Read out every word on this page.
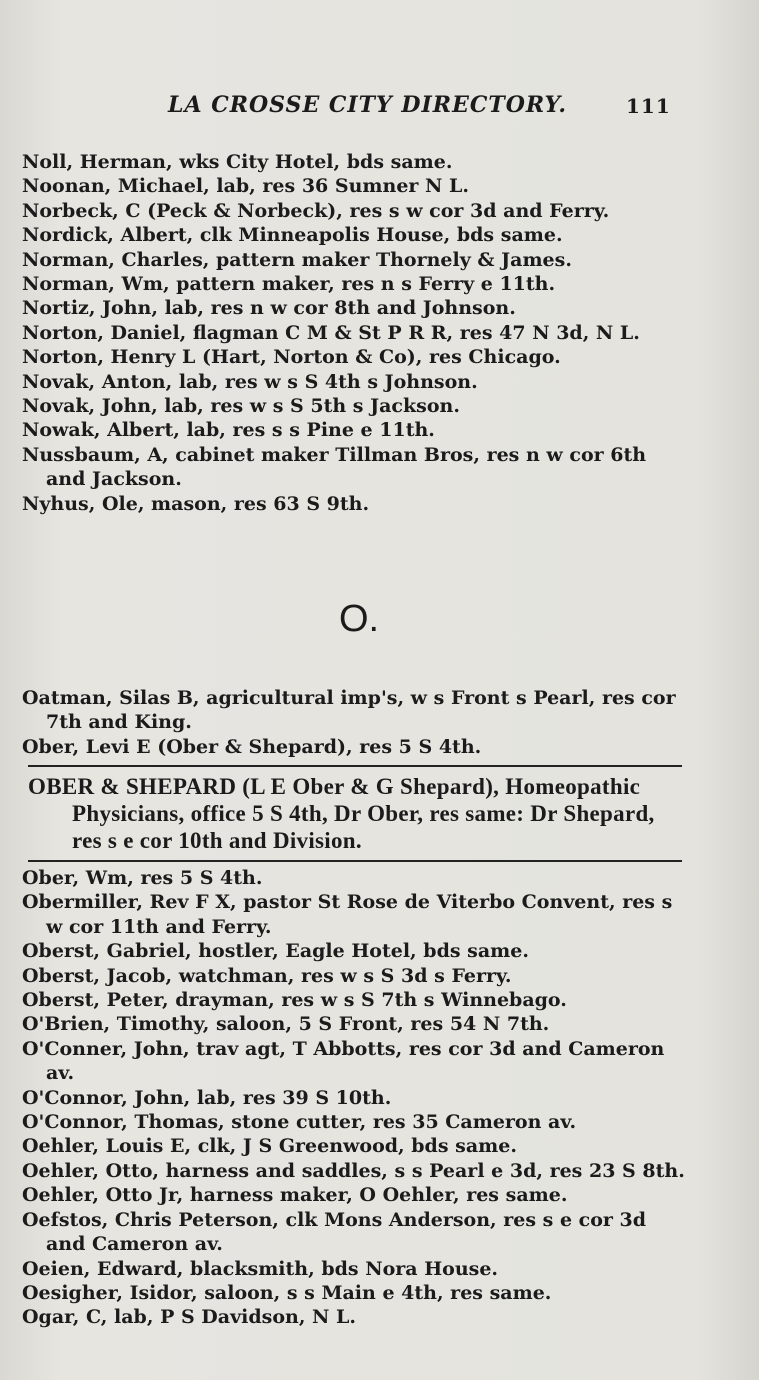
LA CROSSE CITY DIRECTORY.	111
Noll, Herman, wks City Hotel, bds same.
Noonan, Michael, lab, res 36 Sumner N L.
Norbeck, C (Peck & Norbeck), res s w cor 3d and Ferry.
Nordick, Albert, clk Minneapolis House, bds same.
Norman, Charles, pattern maker Thornely & James.
Norman, Wm, pattern maker, res n s Ferry e 11th.
Nortiz, John, lab, res n w cor 8th and Johnson.
Norton, Daniel, flagman C M & St P R R, res 47 N 3d, N L.
Norton, Henry L (Hart, Norton & Co), res Chicago.
Novak, Anton, lab, res w s S 4th s Johnson.
Novak, John, lab, res w s S 5th s Jackson.
Nowak, Albert, lab, res s s Pine e 11th.
Nussbaum, A, cabinet maker Tillman Bros, res n w cor 6th and Jackson.
Nyhus, Ole, mason, res 63 S 9th.
O.
Oatman, Silas B, agricultural imp's, w s Front s Pearl, res cor 7th and King.
Ober, Levi E (Ober & Shepard), res 5 S 4th.
OBER & SHEPARD (L E Ober & G Shepard), Homeopathic Physicians, office 5 S 4th, Dr Ober, res same: Dr Shepard, res s e cor 10th and Division.
Ober, Wm, res 5 S 4th.
Obermiller, Rev F X, pastor St Rose de Viterbo Convent, res s w cor 11th and Ferry.
Oberst, Gabriel, hostler, Eagle Hotel, bds same.
Oberst, Jacob, watchman, res w s S 3d s Ferry.
Oberst, Peter, drayman, res w s S 7th s Winnebago.
O'Brien, Timothy, saloon, 5 S Front, res 54 N 7th.
O'Conner, John, trav agt, T Abbotts, res cor 3d and Cameron av.
O'Connor, John, lab, res 39 S 10th.
O'Connor, Thomas, stone cutter, res 35 Cameron av.
Oehler, Louis E, clk, J S Greenwood, bds same.
Oehler, Otto, harness and saddles, s s Pearl e 3d, res 23 S 8th.
Oehler, Otto Jr, harness maker, O Oehler, res same.
Oefstos, Chris Peterson, clk Mons Anderson, res s e cor 3d and Cameron av.
Oeien, Edward, blacksmith, bds Nora House.
Oesigher, Isidor, saloon, s s Main e 4th, res same.
Ogar, C, lab, P S Davidson, N L.
